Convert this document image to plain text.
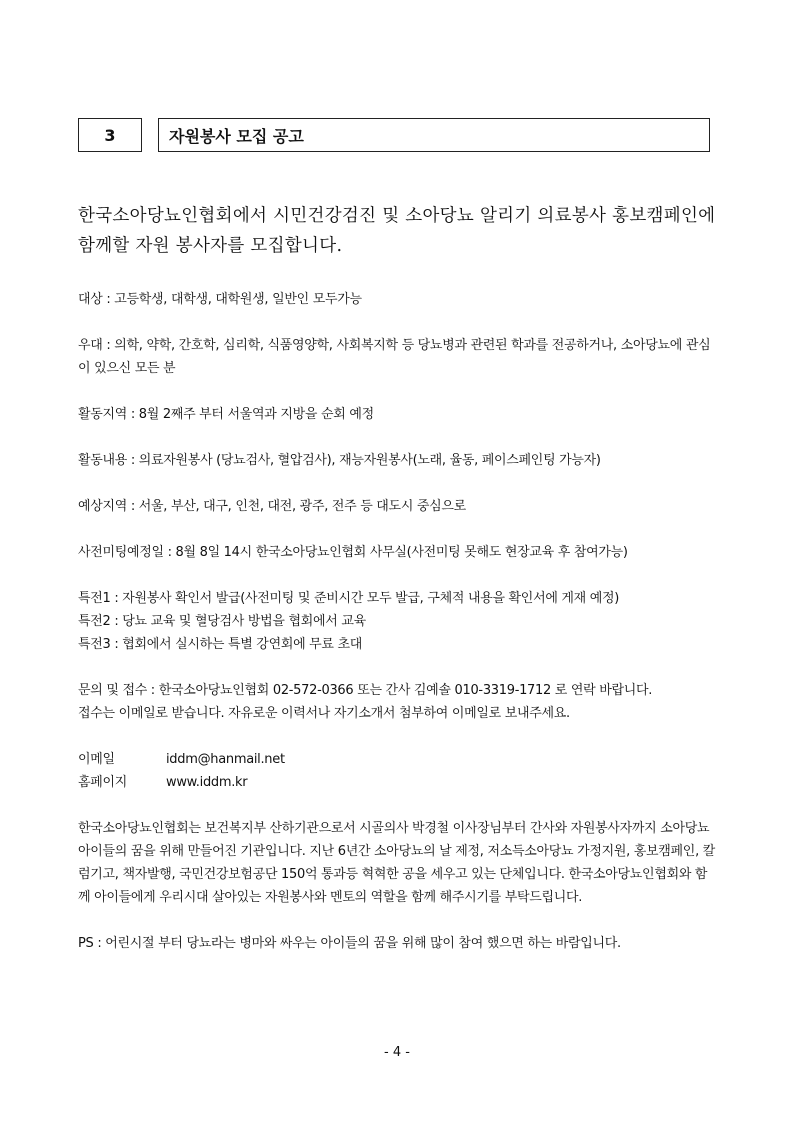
3	자원봉사 모집 공고
한국소아당뇨인협회에서 시민건강검진 및 소아당뇨 알리기 의료봉사 홍보캠페인에 함께할 자원 봉사자를 모집합니다.

대상 : 고등학생, 대학생, 대학원생, 일반인 모두가능

우대 : 의학, 약학, 간호학, 심리학, 식품영양학, 사회복지학 등 당뇨병과 관련된 학과를 전공하거나, 소아당뇨에 관심이 있으신 모든 분

활동지역 : 8월 2째주 부터 서울역과 지방을 순회 예정

활동내용 : 의료자원봉사 (당뇨검사, 혈압검사), 재능자원봉사(노래, 율동, 페이스페인팅 가능자)

예상지역 : 서울, 부산, 대구, 인천, 대전, 광주, 전주 등 대도시 중심으로

사전미팅예정일 : 8월 8일 14시 한국소아당뇨인협회 사무실(사전미팅 못해도 현장교육 후 참여가능)

특전1 : 자원봉사 확인서 발급(사전미팅 및 준비시간 모두 발급, 구체적 내용을 확인서에 게재 예정)

특전2 : 당뇨 교육 및 혈당검사 방법을 협회에서 교육

특전3 : 협회에서 실시하는 특별 강연회에 무료 초대

문의 및 접수 : 한국소아당뇨인협회 02-572-0366 또는 간사 김예솔 010-3319-1712 로 연락 바랍니다.

접수는 이메일로 받습니다. 자유로운 이력서나 자기소개서 첨부하여 이메일로 보내주세요.

이메일	iddm@hanmail.net
홈페이지	www.iddm.kr

한국소아당뇨인협회는 보건복지부 산하기관으로서 시골의사 박경철 이사장님부터 간사와 자원봉사자까지 소아당뇨아이들의 꿈을 위해 만들어진 기관입니다. 지난 6년간 소아당뇨의 날 제정, 저소득소아당뇨 가정지원, 홍보캠페인, 칼럼기고, 책자발행, 국민건강보험공단 150억 통과등 혁혁한 공을 세우고 있는 단체입니다. 한국소아당뇨인협회와 함께 아이들에게 우리시대 살아있는 자원봉사와 멘토의 역할을 함께 해주시기를 부탁드립니다.

PS : 어린시절 부터 당뇨라는 병마와 싸우는 아이들의 꿈을 위해 많이 참여 했으면 하는 바람입니다.

- 4 -
